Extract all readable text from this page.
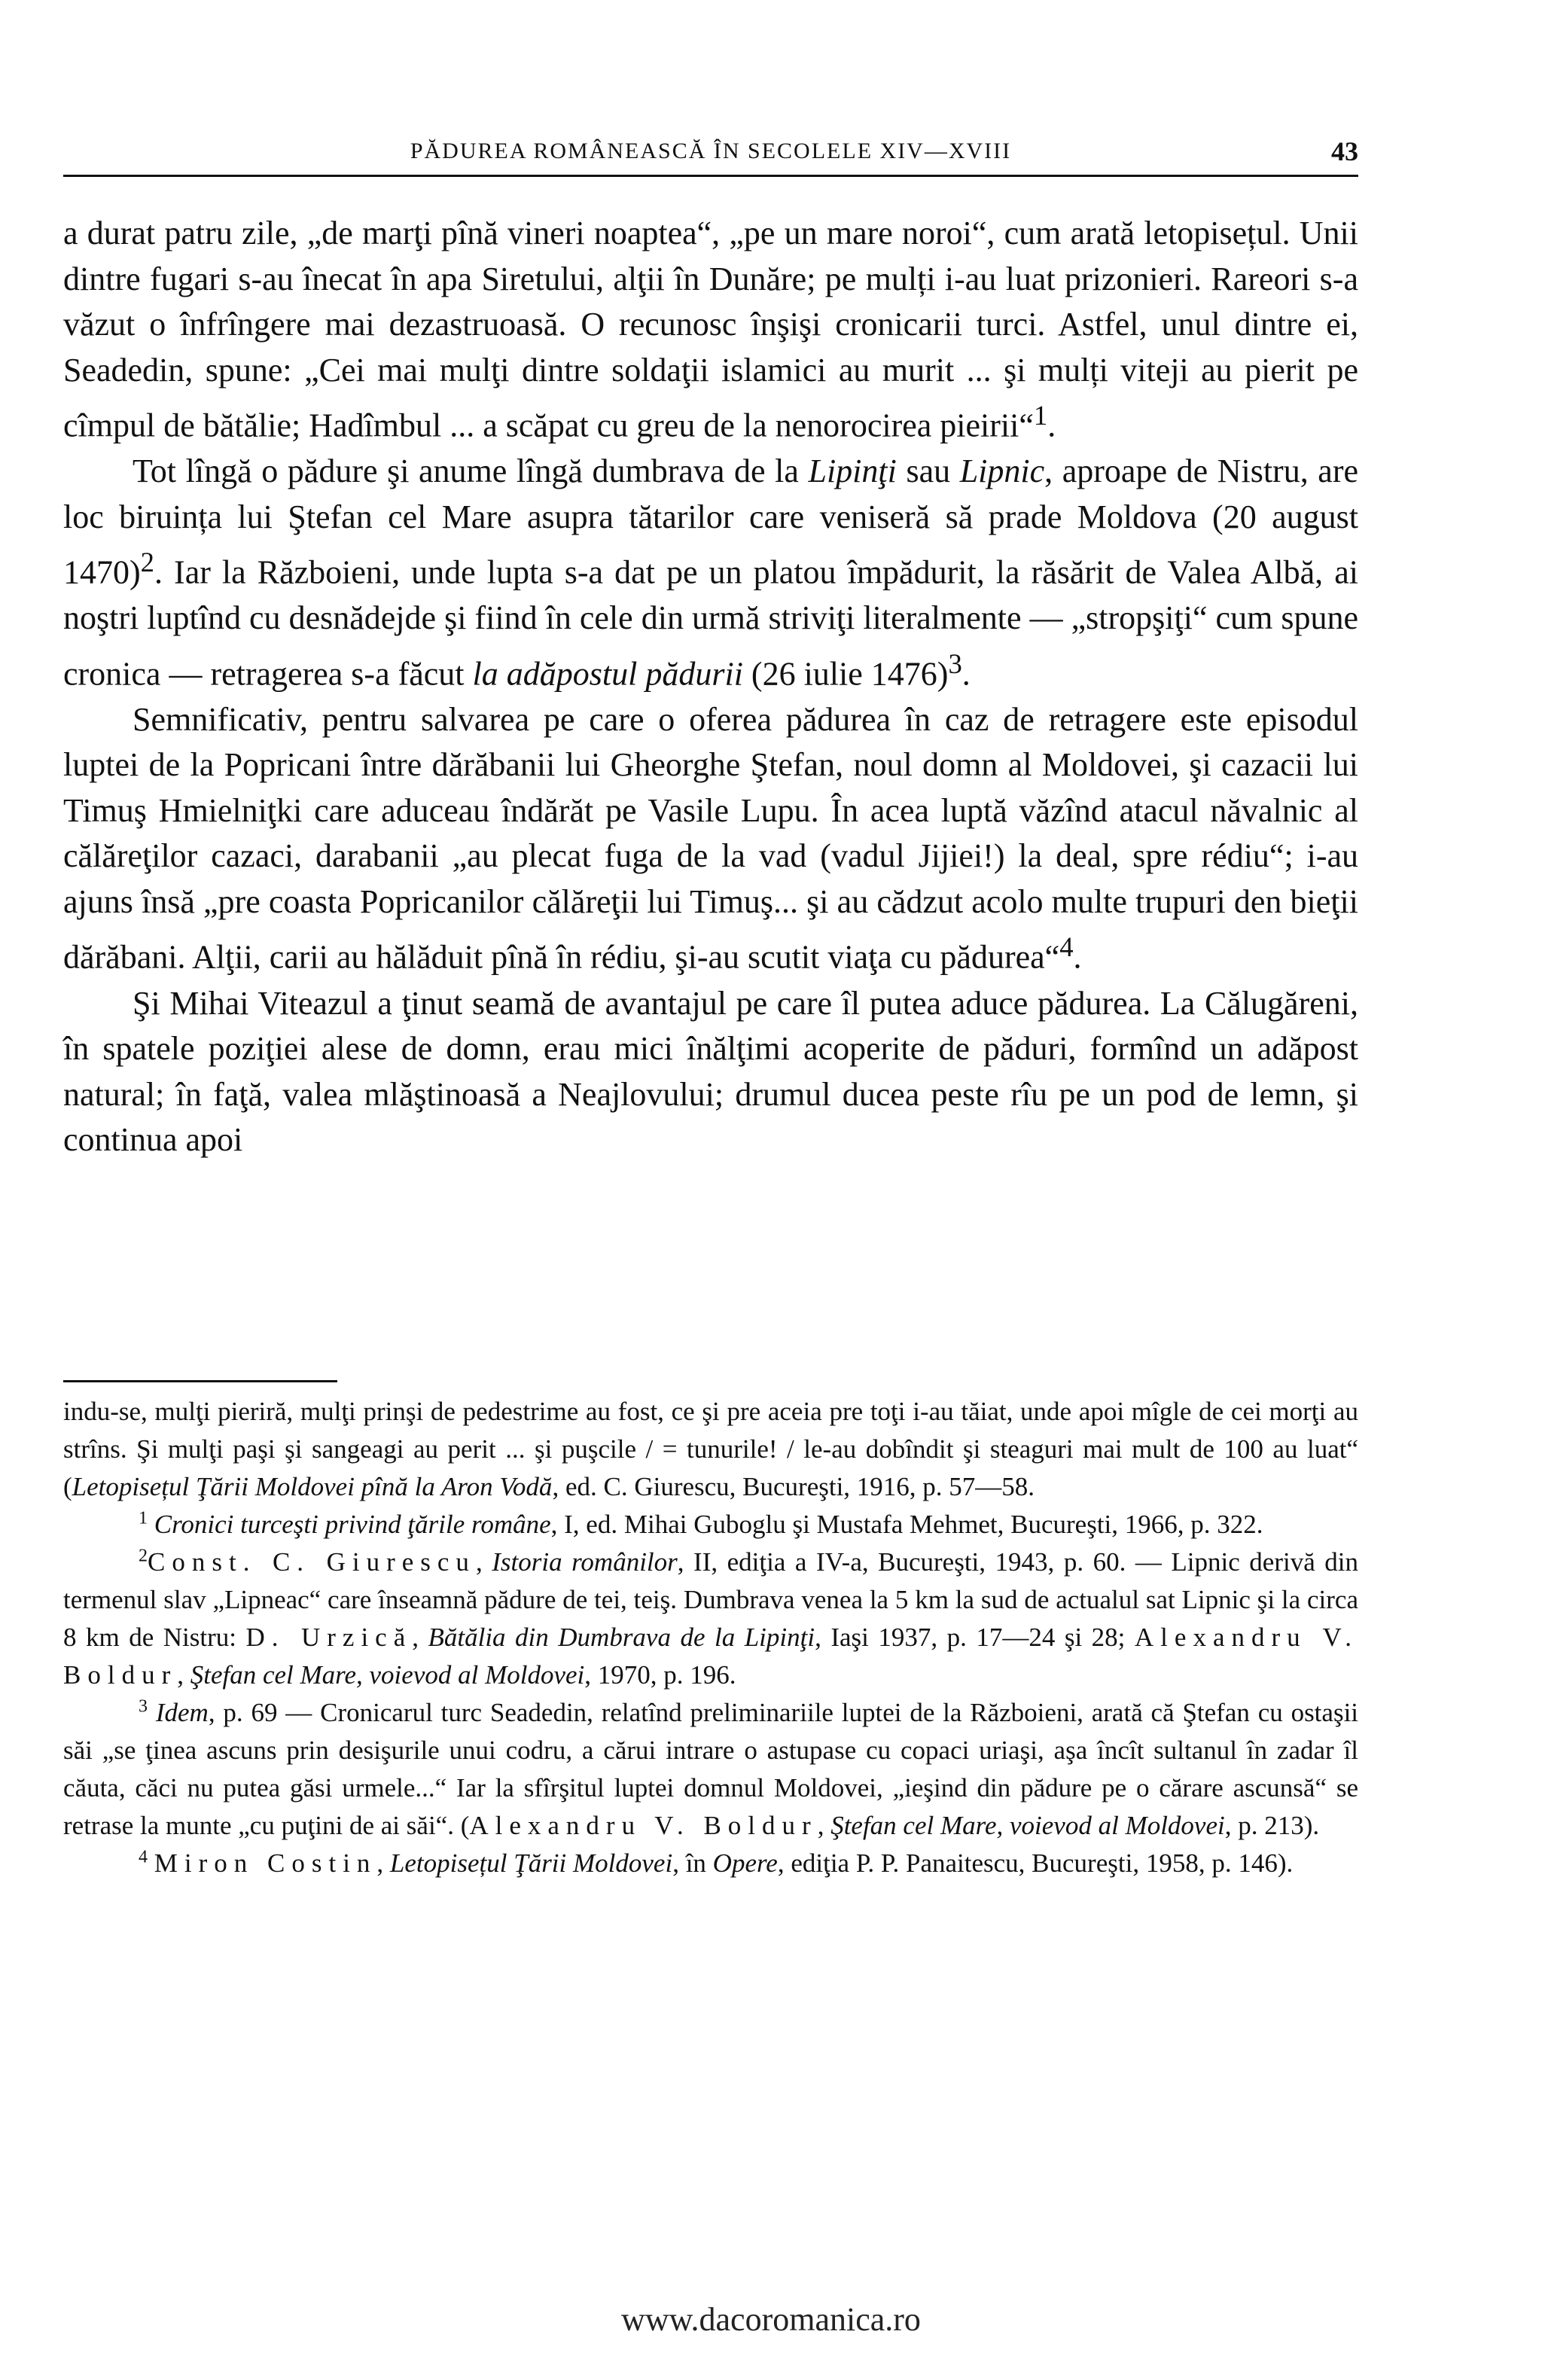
PĂDUREA ROMÂNEASCĂ ÎN SECOLELE XIV—XVIII	43

a durat patru zile, „de marţi pînă vineri noaptea“, „pe un mare noroi“, cum arată letopisețul. Unii dintre fugari s-au înecat în apa Siretului, alţii în Dunăre; pe mulți i-au luat prizonieri. Rareori s-a văzut o înfrîngere mai dezastruoasă. O recunosc înşişi cronicarii turci. Astfel, unul dintre ei, Seadedin, spune: „Cei mai mulţi dintre soldaţii islamici au murit ... şi mulți viteji au pierit pe cîmpul de bătălie; Hadîmbul ... a scăpat cu greu de la nenorocirea pieirii“$^1$.

Tot lîngă o pădure şi anume lîngă dumbrava de la Lipinţi sau Lipnic, aproape de Nistru, are loc biruința lui Ştefan cel Mare asupra tătarilor care veniseră să prade Moldova (20 august 1470)$^2$. Iar la Războieni, unde lupta s-a dat pe un platou împădurit, la răsărit de Valea Albă, ai noştri luptînd cu desnădejde şi fiind în cele din urmă striviţi literalmente — „stropşiţi“ cum spune cronica — retragerea s-a făcut la adăpostul pădurii (26 iulie 1476)$^3$.

Semnificativ, pentru salvarea pe care o oferea pădurea în caz de retragere este episodul luptei de la Popricani între dărăbanii lui Gheorghe Ştefan, noul domn al Moldovei, şi cazacii lui Timuş Hmielniţki care aduceau îndărăt pe Vasile Lupu. În acea luptă văzînd atacul năvalnic al călăreţilor cazaci, darabanii „au plecat fuga de la vad (vadul Jijiei!) la deal, spre rédiu“; i-au ajuns însă „pre coasta Popricanilor călăreţii lui Timuş... şi au cădzut acolo multe trupuri den bieţii dărăbani. Alţii, carii au hălăduit pînă în rédiu, şi-au scutit viaţa cu pădurea“$^4$.

Şi Mihai Viteazul a ţinut seamă de avantajul pe care îl putea aduce pădurea. La Călugăreni, în spatele poziţiei alese de domn, erau mici înălţimi acoperite de păduri, formînd un adăpost natural; în faţă, valea mlăştinoasă a Neajlovului; drumul ducea peste rîu pe un pod de lemn, şi continua apoi

indu-se, mulţi pieriră, mulţi prinşi de pedestrime au fost, ce şi pre aceia pre toţi i-au tăiat, unde apoi mîgle de cei morţi au strîns. Şi mulţi paşi şi sangeagi au perit ... şi puşcile / = tunurile! / le-au dobîndit şi steaguri mai mult de 100 au luat“ (Letopisețul Ţării Moldovei pînă la Aron Vodă, ed. C. Giurescu, Bucureşti, 1916, p. 57—58.

$^1$ Cronici turceşti privind ţările române, I, ed. Mihai Guboglu şi Mustafa Mehmet, Bucureşti, 1966, p. 322.

$^2$Const. C. Giurescu, Istoria românilor, II, ediţia a IV-a, Bucureşti, 1943, p. 60. — Lipnic derivă din termenul slav „Lipneac“ care înseamnă pădure de tei, teiş. Dumbrava venea la 5 km la sud de actualul sat Lipnic şi la circa 8 km de Nistru: D. Urzică, Bătălia din Dumbrava de la Lipinţi, Iaşi 1937, p. 17—24 şi 28; Alexandru V. Boldur, Ştefan cel Mare, voievod al Moldovei, 1970, p. 196.

$^3$ Idem, p. 69 — Cronicarul turc Seadedin, relatînd preliminariile luptei de la Războieni, arată că Ştefan cu ostaşii săi „se ţinea ascuns prin desişurile unui codru, a cărui intrare o astupase cu copaci uriaşi, aşa încît sultanul în zadar îl căuta, căci nu putea găsi urmele...“ Iar la sfîrşitul luptei domnul Moldovei, „ieşind din pădure pe o cărare ascunsă“ se retrase la munte „cu puţini de ai săi“. (Alexandru V. Boldur, Ştefan cel Mare, voievod al Moldovei, p. 213).

$^4$ Miron Costin, Letopisețul Ţării Moldovei, în Opere, ediţia P. P. Panaitescu, Bucureşti, 1958, p. 146).

www.dacoromanica.ro
